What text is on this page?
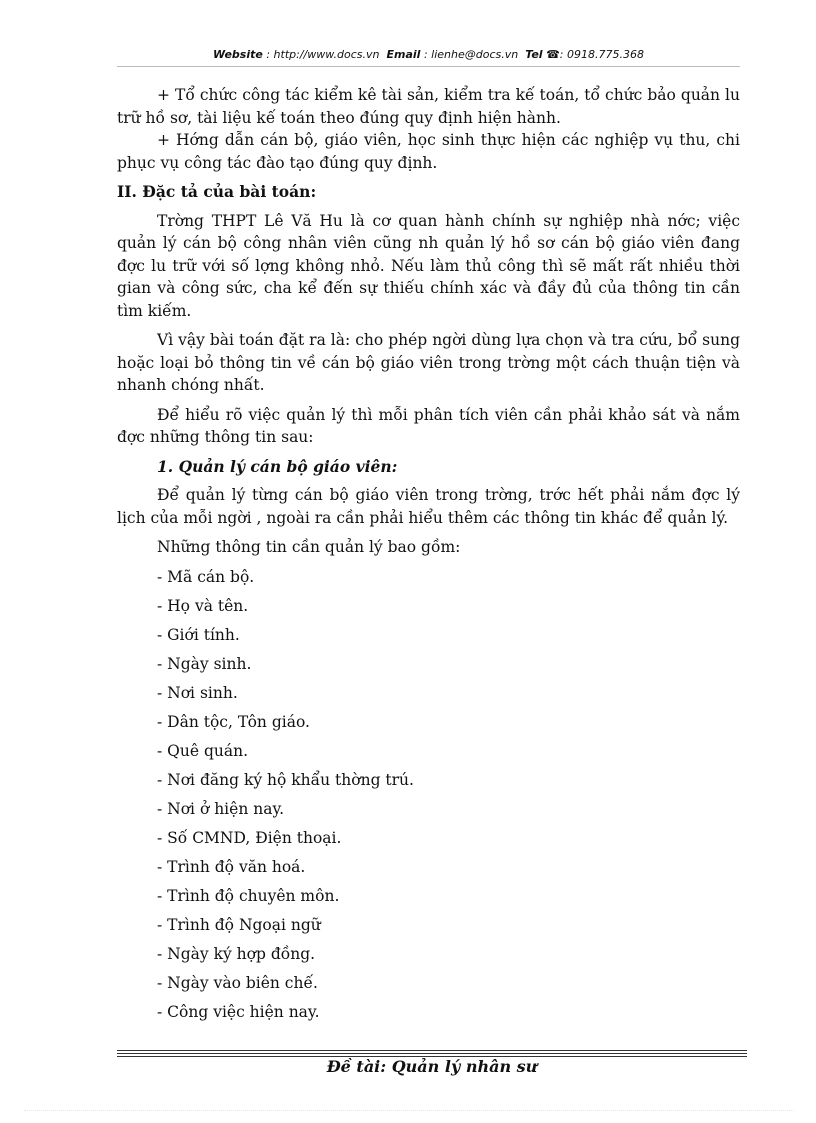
Website : http://www.docs.vn Email : lienhe@docs.vn Tel ☎: 0918.775.368

+ Tổ chức công tác kiểm kê tài sản, kiểm tra kế toán, tổ chức bảo quản lu trữ hồ sơ, tài liệu kế toán theo đúng quy định hiện hành.

+ Hớng dẫn cán bộ, giáo viên, học sinh thực hiện các nghiệp vụ thu, chi phục vụ công tác đào tạo đúng quy định.

II. Đặc tả của bài toán:

Trờng THPT Lê Vă Hu là cơ quan hành chính sự nghiệp nhà nớc; việc quản lý cán bộ công nhân viên cũng nh quản lý hồ sơ cán bộ giáo viên đang đợc lu trữ với số lợng không nhỏ. Nếu làm thủ công thì sẽ mất rất nhiều thời gian và công sức, cha kể đến sự thiếu chính xác và đầy đủ của thông tin cần tìm kiếm.

Vì vậy bài toán đặt ra là: cho phép ngời dùng lựa chọn và tra cứu, bổ sung hoặc loại bỏ thông tin về cán bộ giáo viên trong trờng một cách thuận tiện và nhanh chóng nhất.

Để hiểu rõ việc quản lý thì mỗi phân tích viên cần phải khảo sát và nắm đợc những thông tin sau:

1. Quản lý cán bộ giáo viên:

Để quản lý từng cán bộ giáo viên trong trờng, trớc hết phải nắm đợc lý lịch của mỗi ngời , ngoài ra cần phải hiểu thêm các thông tin khác để quản lý.

Những thông tin cần quản lý bao gồm:

- Mã cán bộ.
- Họ và tên.
- Giới tính.
- Ngày sinh.
- Nơi sinh.
- Dân tộc, Tôn giáo.
- Quê quán.
- Nơi đăng ký hộ khẩu thờng trú.
- Nơi ở hiện nay.
- Số CMND, Điện thoại.
- Trình độ văn hoá.
- Trình độ chuyên môn.
- Trình độ Ngoại ngữ
- Ngày ký hợp đồng.
- Ngày vào biên chế.
- Công việc hiện nay.
Đề tài: Quản lý nhân sư
